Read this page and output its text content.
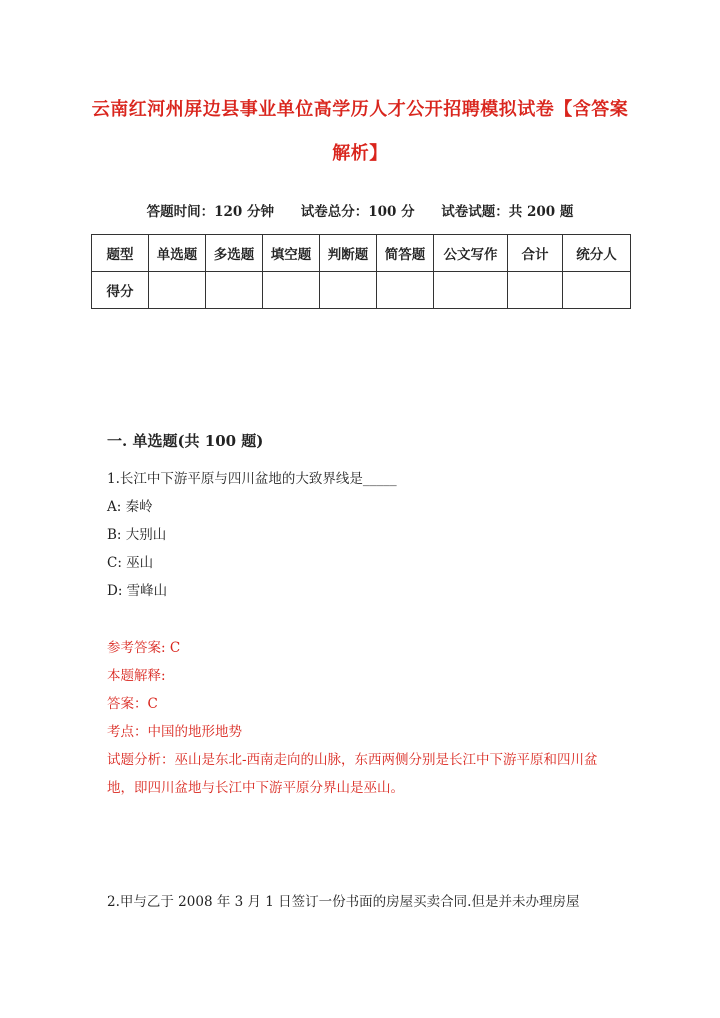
云南红河州屏边县事业单位高学历人才公开招聘模拟试卷【含答案解析】
答题时间：120 分钟 试卷总分：100 分 试卷试题：共 200 题
题型	单选题	多选题	填空题	判断题	简答题	公文写作	合计	统分人
得分								
一. 单选题(共 100 题)
1.长江中下游平原与四川盆地的大致界线是_____
A: 秦岭
B: 大别山
C: 巫山
D: 雪峰山
参考答案: C
本题解释:
答案：C
考点：中国的地形地势
试题分析：巫山是东北-西南走向的山脉，东西两侧分别是长江中下游平原和四川盆地，即四川盆地与长江中下游平原分界山是巫山。
2.甲与乙于 2008 年 3 月 1 日签订一份书面的房屋买卖合同.但是并未办理房屋
